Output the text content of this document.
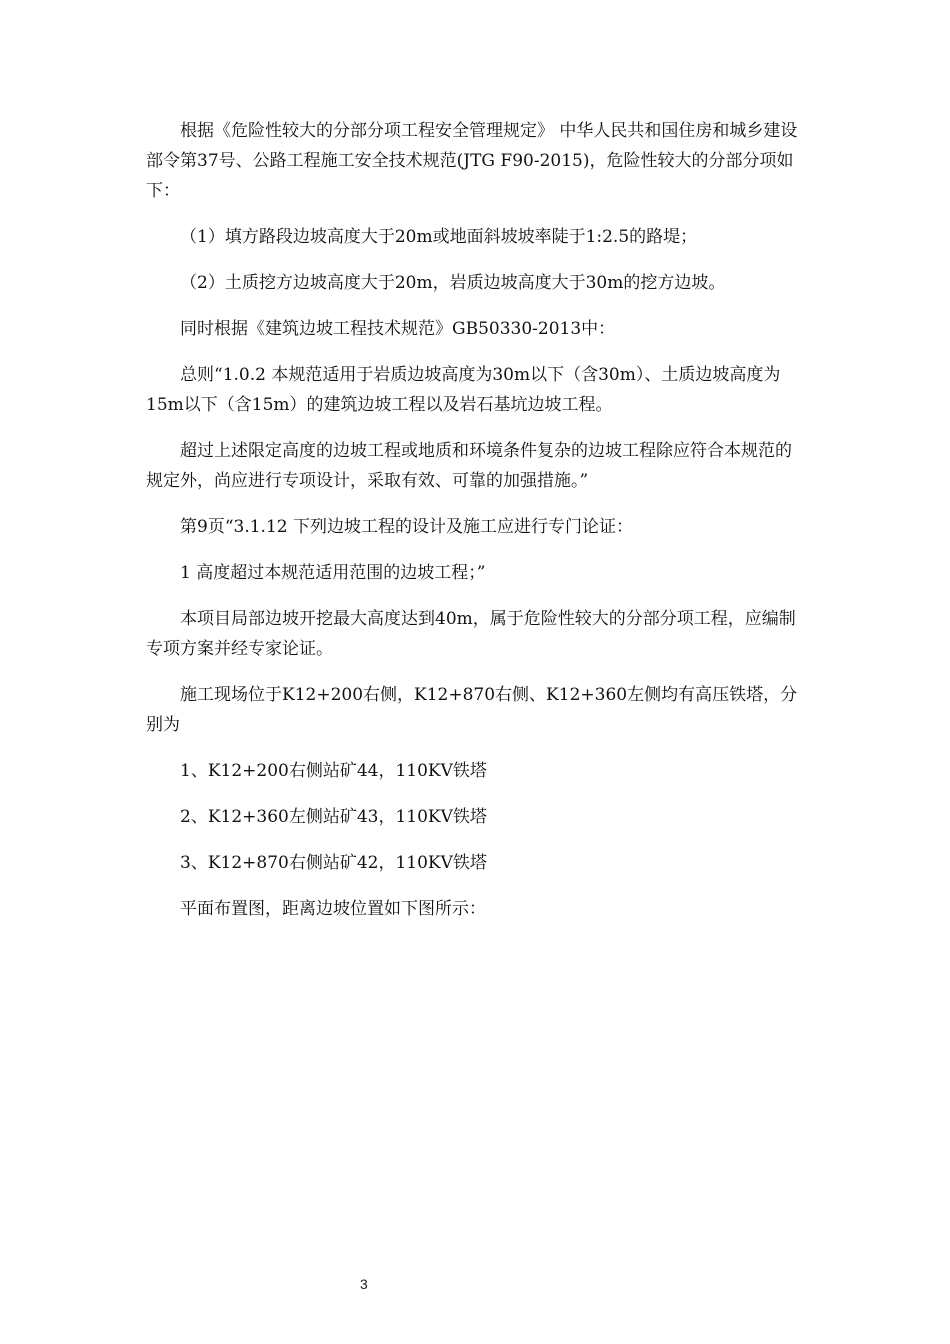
根据《危险性较大的分部分项工程安全管理规定》 中华人民共和国住房和城乡建设部令第37号、公路工程施工安全技术规范(JTG F90-2015)，危险性较大的分部分项如下：

（1）填方路段边坡高度大于20m或地面斜坡坡率陡于1:2.5的路堤；

（2）土质挖方边坡高度大于20m，岩质边坡高度大于30m的挖方边坡。

同时根据《建筑边坡工程技术规范》GB50330-2013中：

总则“1.0.2 本规范适用于岩质边坡高度为30m以下（含30m）、土质边坡高度为15m以下（含15m）的建筑边坡工程以及岩石基坑边坡工程。

超过上述限定高度的边坡工程或地质和环境条件复杂的边坡工程除应符合本规范的规定外，尚应进行专项设计，采取有效、可靠的加强措施。”

第9页“3.1.12 下列边坡工程的设计及施工应进行专门论证：

1 高度超过本规范适用范围的边坡工程；”

本项目局部边坡开挖最大高度达到40m，属于危险性较大的分部分项工程，应编制专项方案并经专家论证。

施工现场位于K12+200右侧，K12+870右侧、K12+360左侧均有高压铁塔，分别为

1、K12+200右侧站矿44，110KV铁塔

2、K12+360左侧站矿43，110KV铁塔

3、K12+870右侧站矿42，110KV铁塔

平面布置图，距离边坡位置如下图所示：

3
